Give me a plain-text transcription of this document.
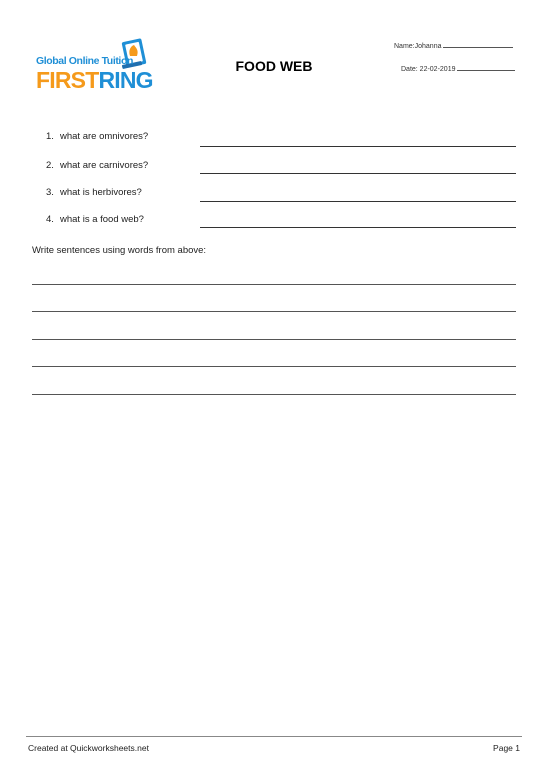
Global Online Tuition
FIRSTRING
FOOD WEB
Name:Johanna
Date: 22-02-2019
1. what are omnivores?
2. what are carnivores?
3. what is herbivores?
4. what is a food web?
Write sentences using words from above:
Created at Quickworksheets.net	Page 1
